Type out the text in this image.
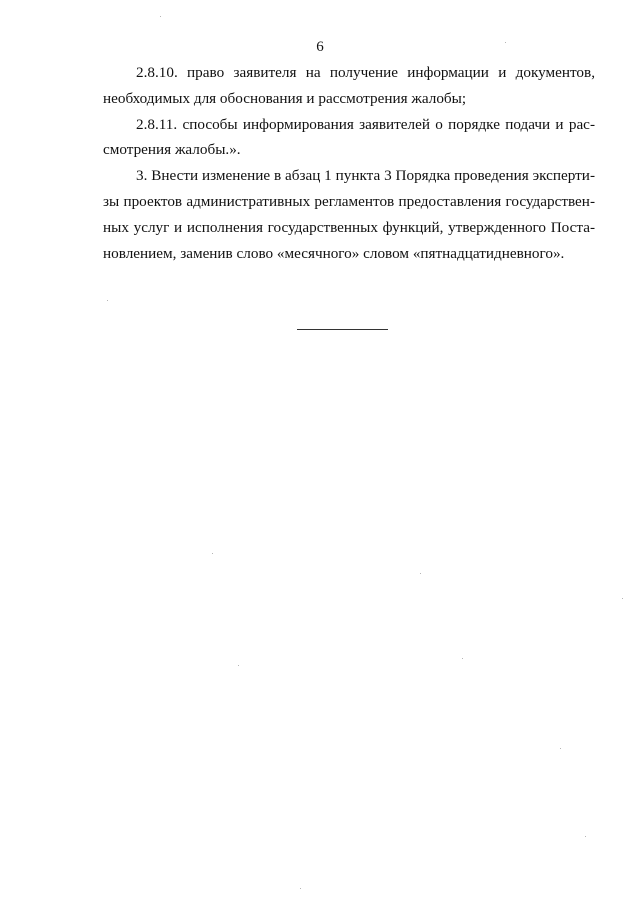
6

2.8.10. право заявителя на получение информации и документов, необходимых для обоснования и рассмотрения жалобы;

2.8.11. способы информирования заявителей о порядке подачи и рассмотрения жалобы.».

3. Внести изменение в абзац 1 пункта 3 Порядка проведения экспертизы проектов административных регламентов предоставления государственных услуг и исполнения государственных функций, утвержденного Постановлением, заменив слово «месячного» словом «пятнадцатидневного».
